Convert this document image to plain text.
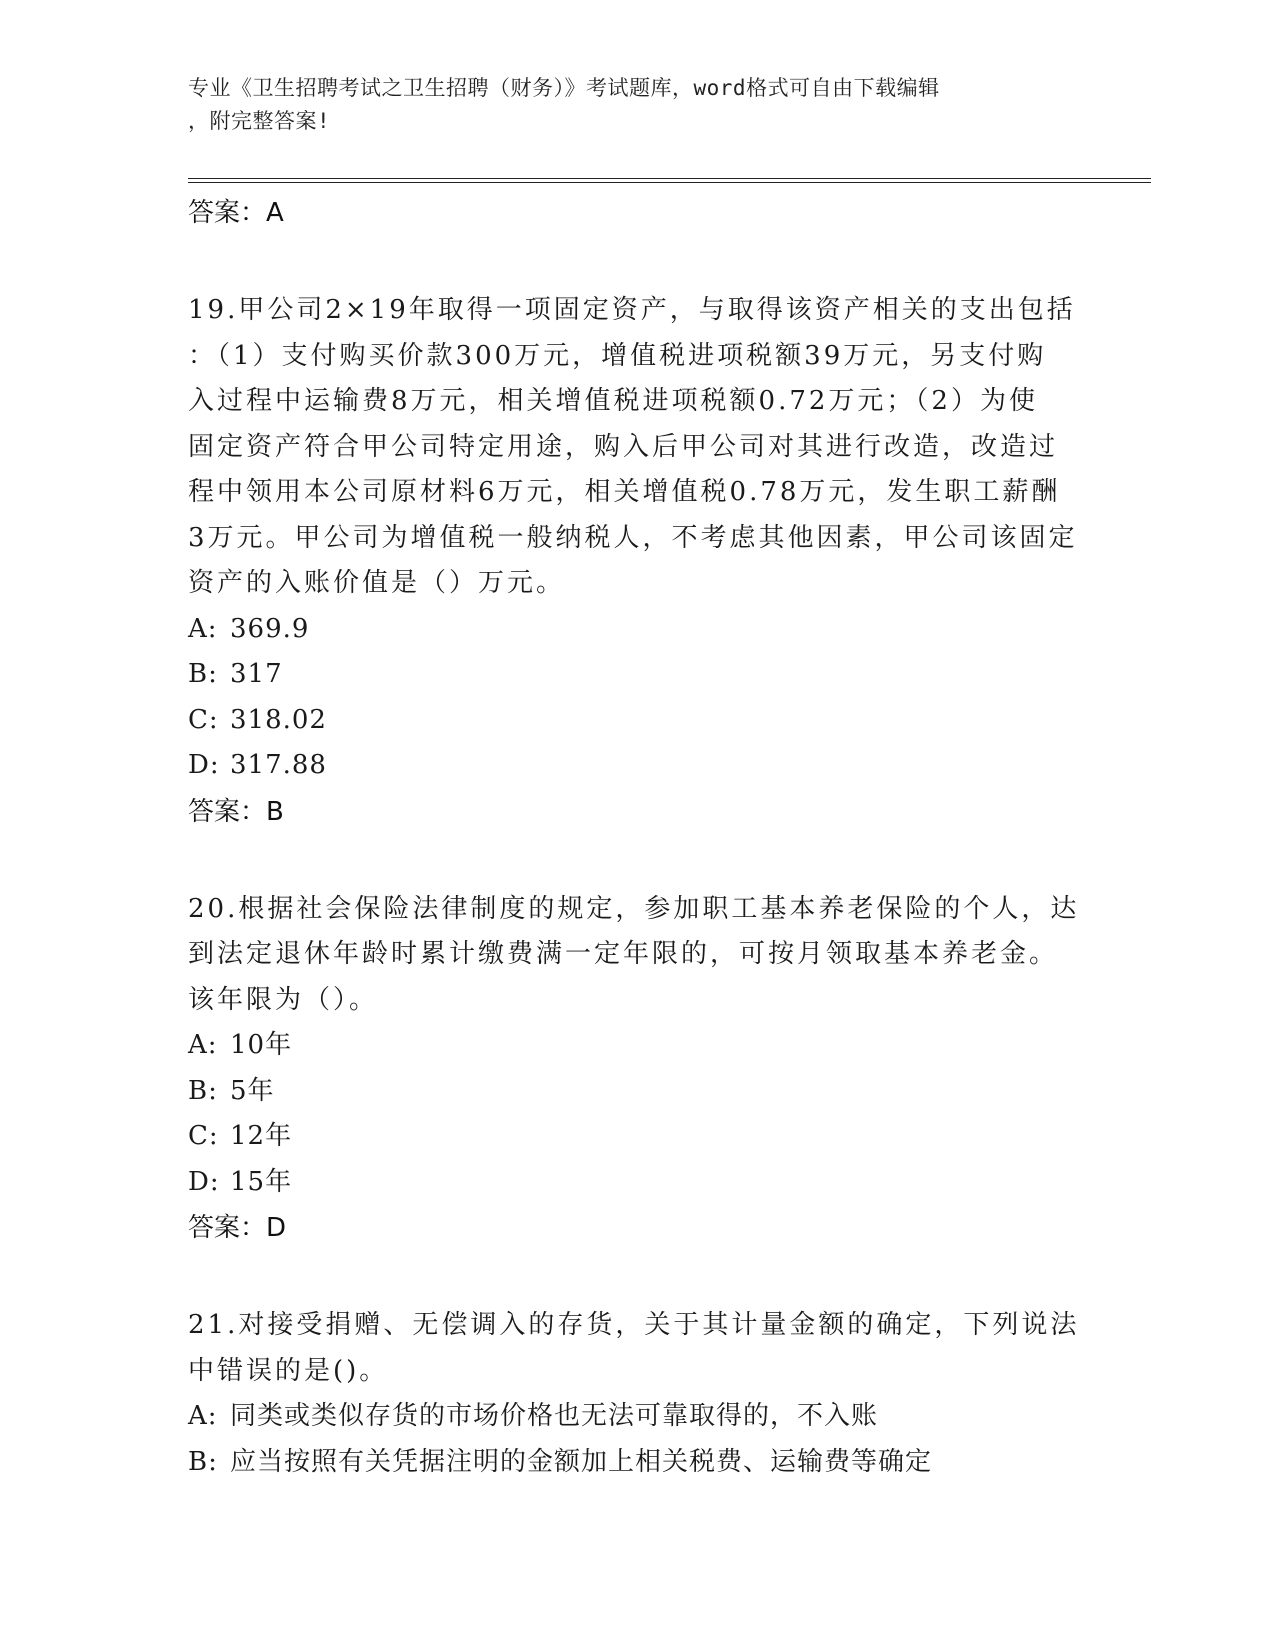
专业《卫生招聘考试之卫生招聘（财务）》考试题库，word格式可自由下载编辑
，附完整答案!
答案：A
19.甲公司2×19年取得一项固定资产，与取得该资产相关的支出包括
：（1）支付购买价款300万元，增值税进项税额39万元，另支付购
入过程中运输费8万元，相关增值税进项税额0.72万元；（2）为使
固定资产符合甲公司特定用途，购入后甲公司对其进行改造，改造过
程中领用本公司原材料6万元，相关增值税0.78万元，发生职工薪酬
3万元。甲公司为增值税一般纳税人，不考虑其他因素，甲公司该固定
资产的入账价值是（）万元。
A: 369.9
B: 317
C: 318.02
D: 317.88
答案：B
20.根据社会保险法律制度的规定，参加职工基本养老保险的个人，达
到法定退休年龄时累计缴费满一定年限的，可按月领取基本养老金。
该年限为（）。
A: 10年
B: 5年
C: 12年
D: 15年
答案：D
21.对接受捐赠、无偿调入的存货，关于其计量金额的确定，下列说法
中错误的是()。
A: 同类或类似存货的市场价格也无法可靠取得的，不入账
B: 应当按照有关凭据注明的金额加上相关税费、运输费等确定
